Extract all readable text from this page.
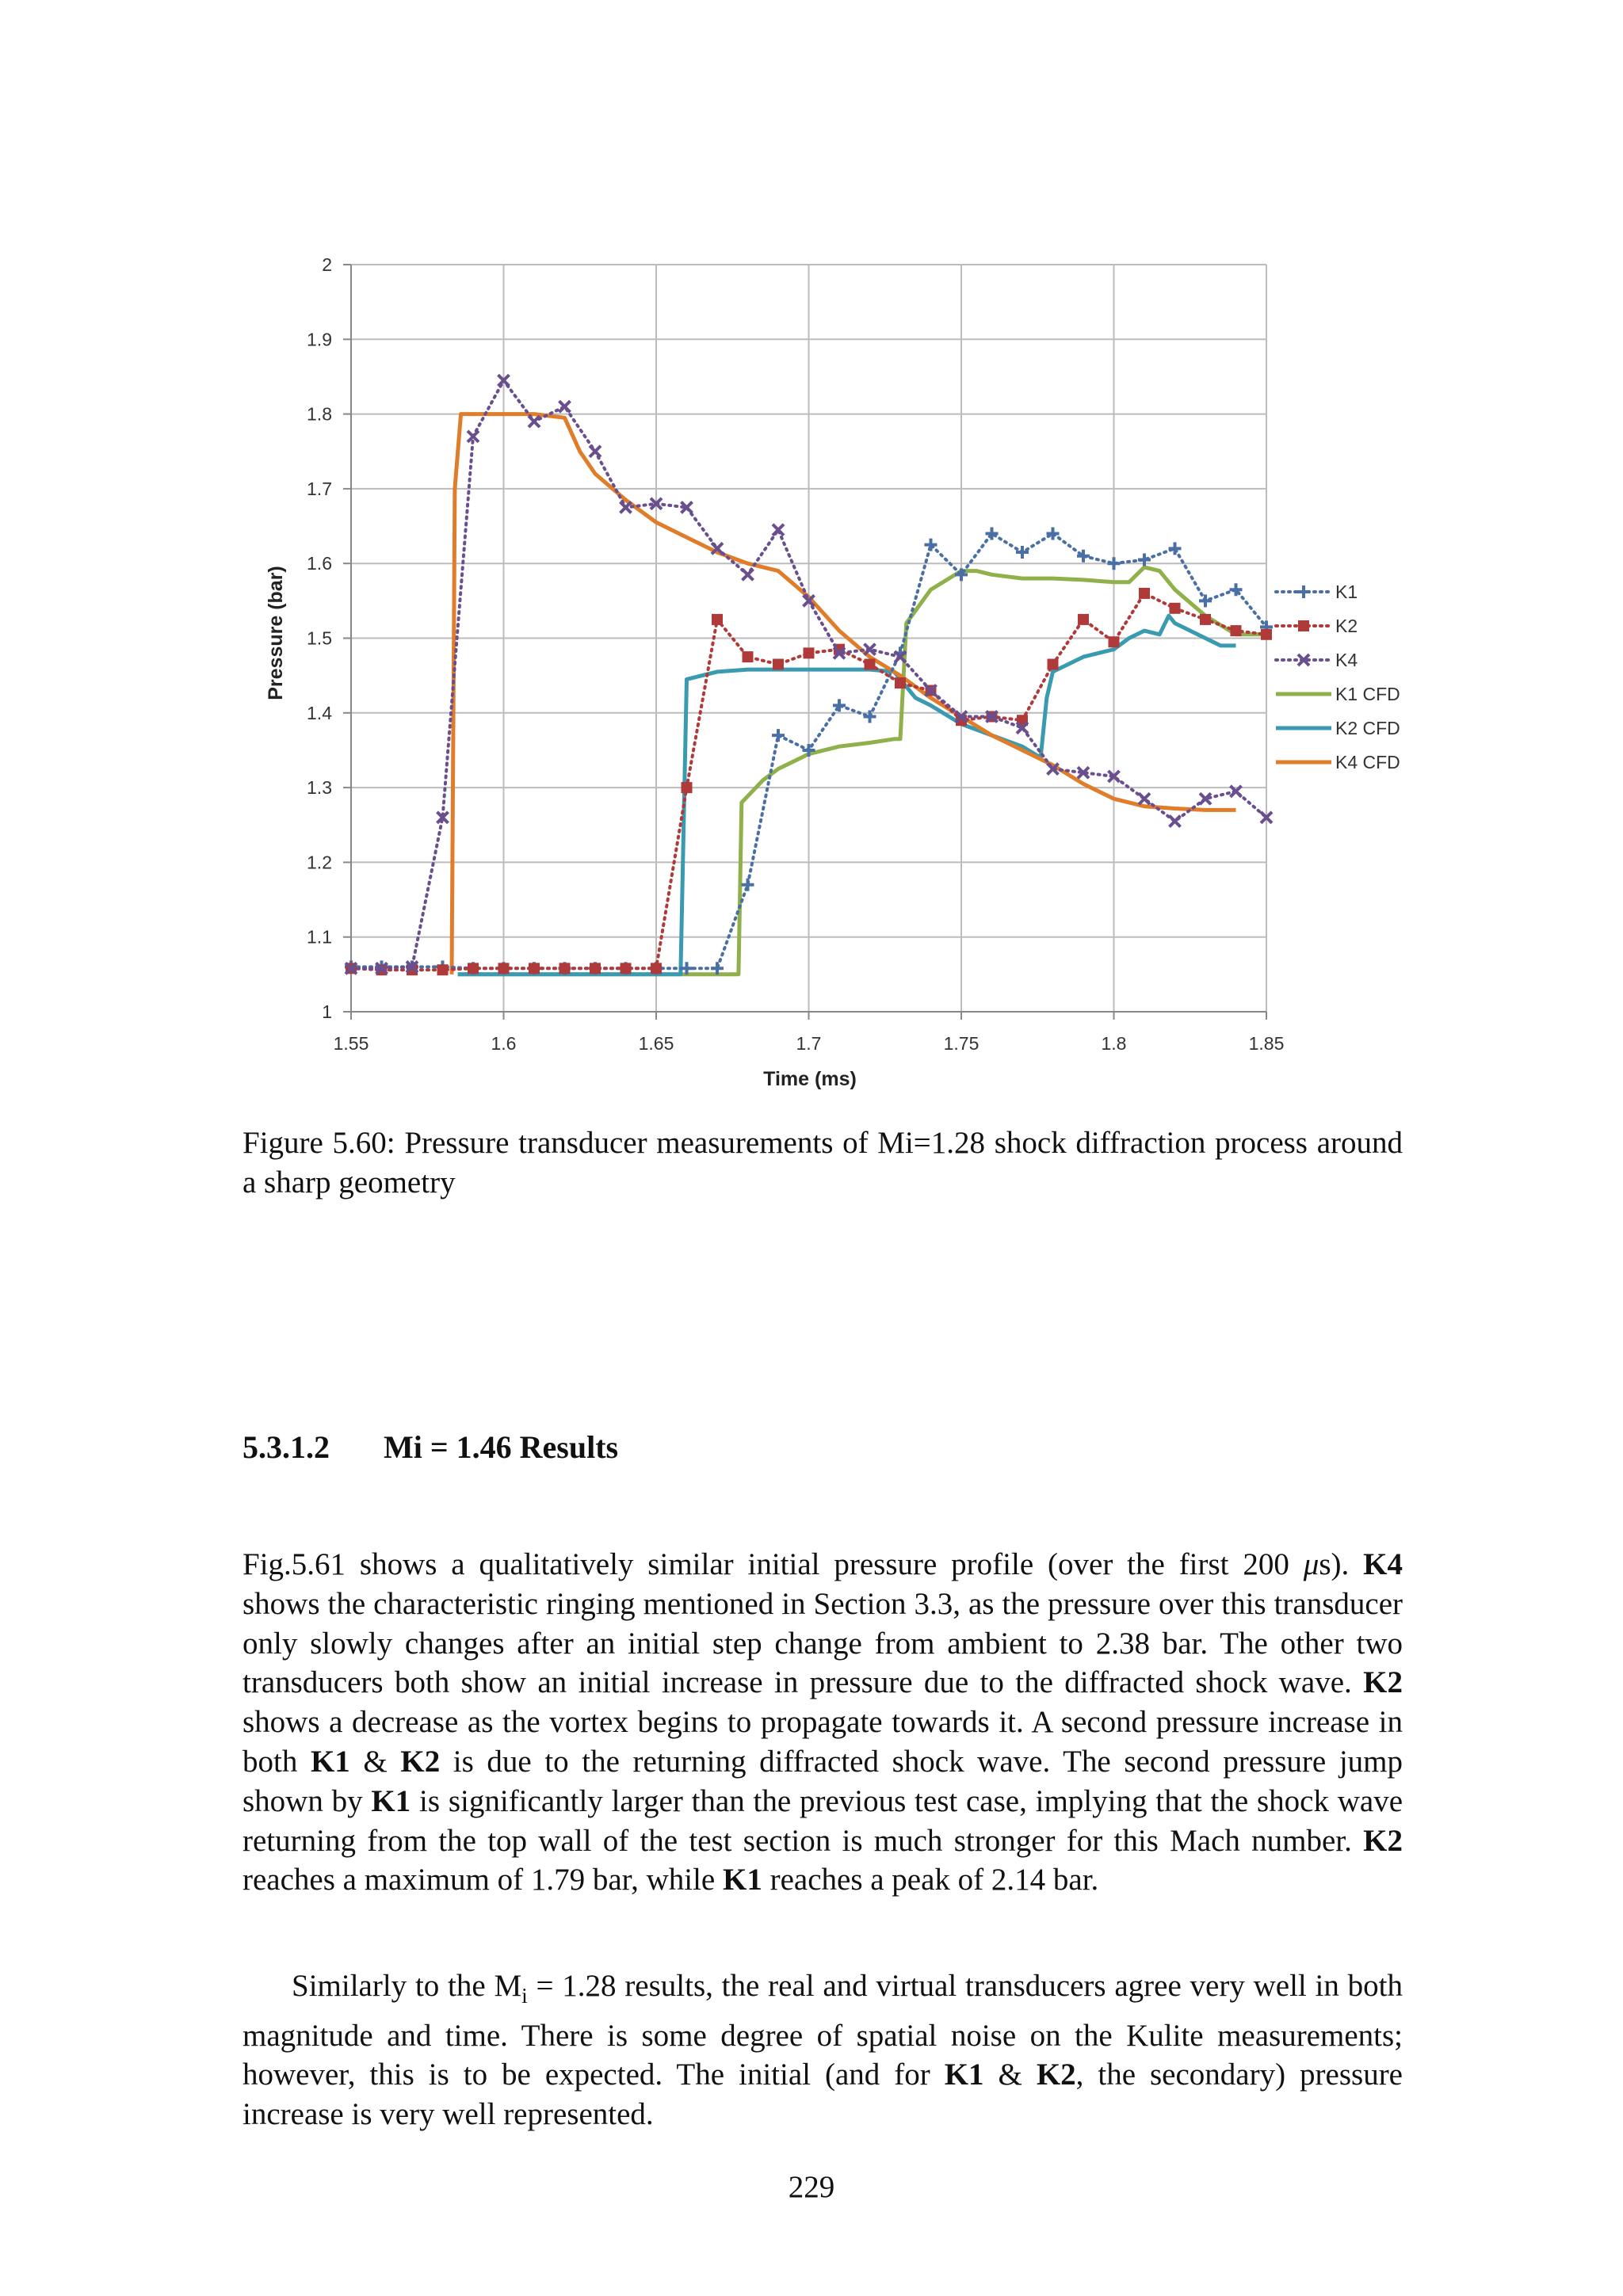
1
1.1
1.2
1.3
1.4
1.5
1.6
1.7
1.8
1.9
2
1.55	1.6	1.65	1.7	1.75	1.8	1.85
K1
K2
K4
K1 CFD
K2 CFD
K4 CFD
Time (ms)
Pressure (bar)
Figure 5.60: Pressure transducer measurements of Mi=1.28 shock diffraction process around a sharp geometry
5.3.1.2 Mi = 1.46 Results
Fig.5.61 shows a qualitatively similar initial pressure profile (over the first 200 μs). K4 shows the characteristic ringing mentioned in Section 3.3, as the pressure over this transducer only slowly changes after an initial step change from ambient to 2.38 bar. The other two transducers both show an initial increase in pressure due to the diffracted shock wave. K2 shows a decrease as the vortex begins to propagate towards it. A second pressure increase in both K1 & K2 is due to the returning diffracted shock wave. The second pressure jump shown by K1 is significantly larger than the previous test case, implying that the shock wave returning from the top wall of the test section is much stronger for this Mach number. K2 reaches a maximum of 1.79 bar, while K1 reaches a peak of 2.14 bar.
Similarly to the $M_i = 1.28$ results, the real and virtual transducers agree very well in both magnitude and time. There is some degree of spatial noise on the Kulite measurements; however, this is to be expected. The initial (and for K1 & K2, the secondary) pressure increase is very well represented.
229
